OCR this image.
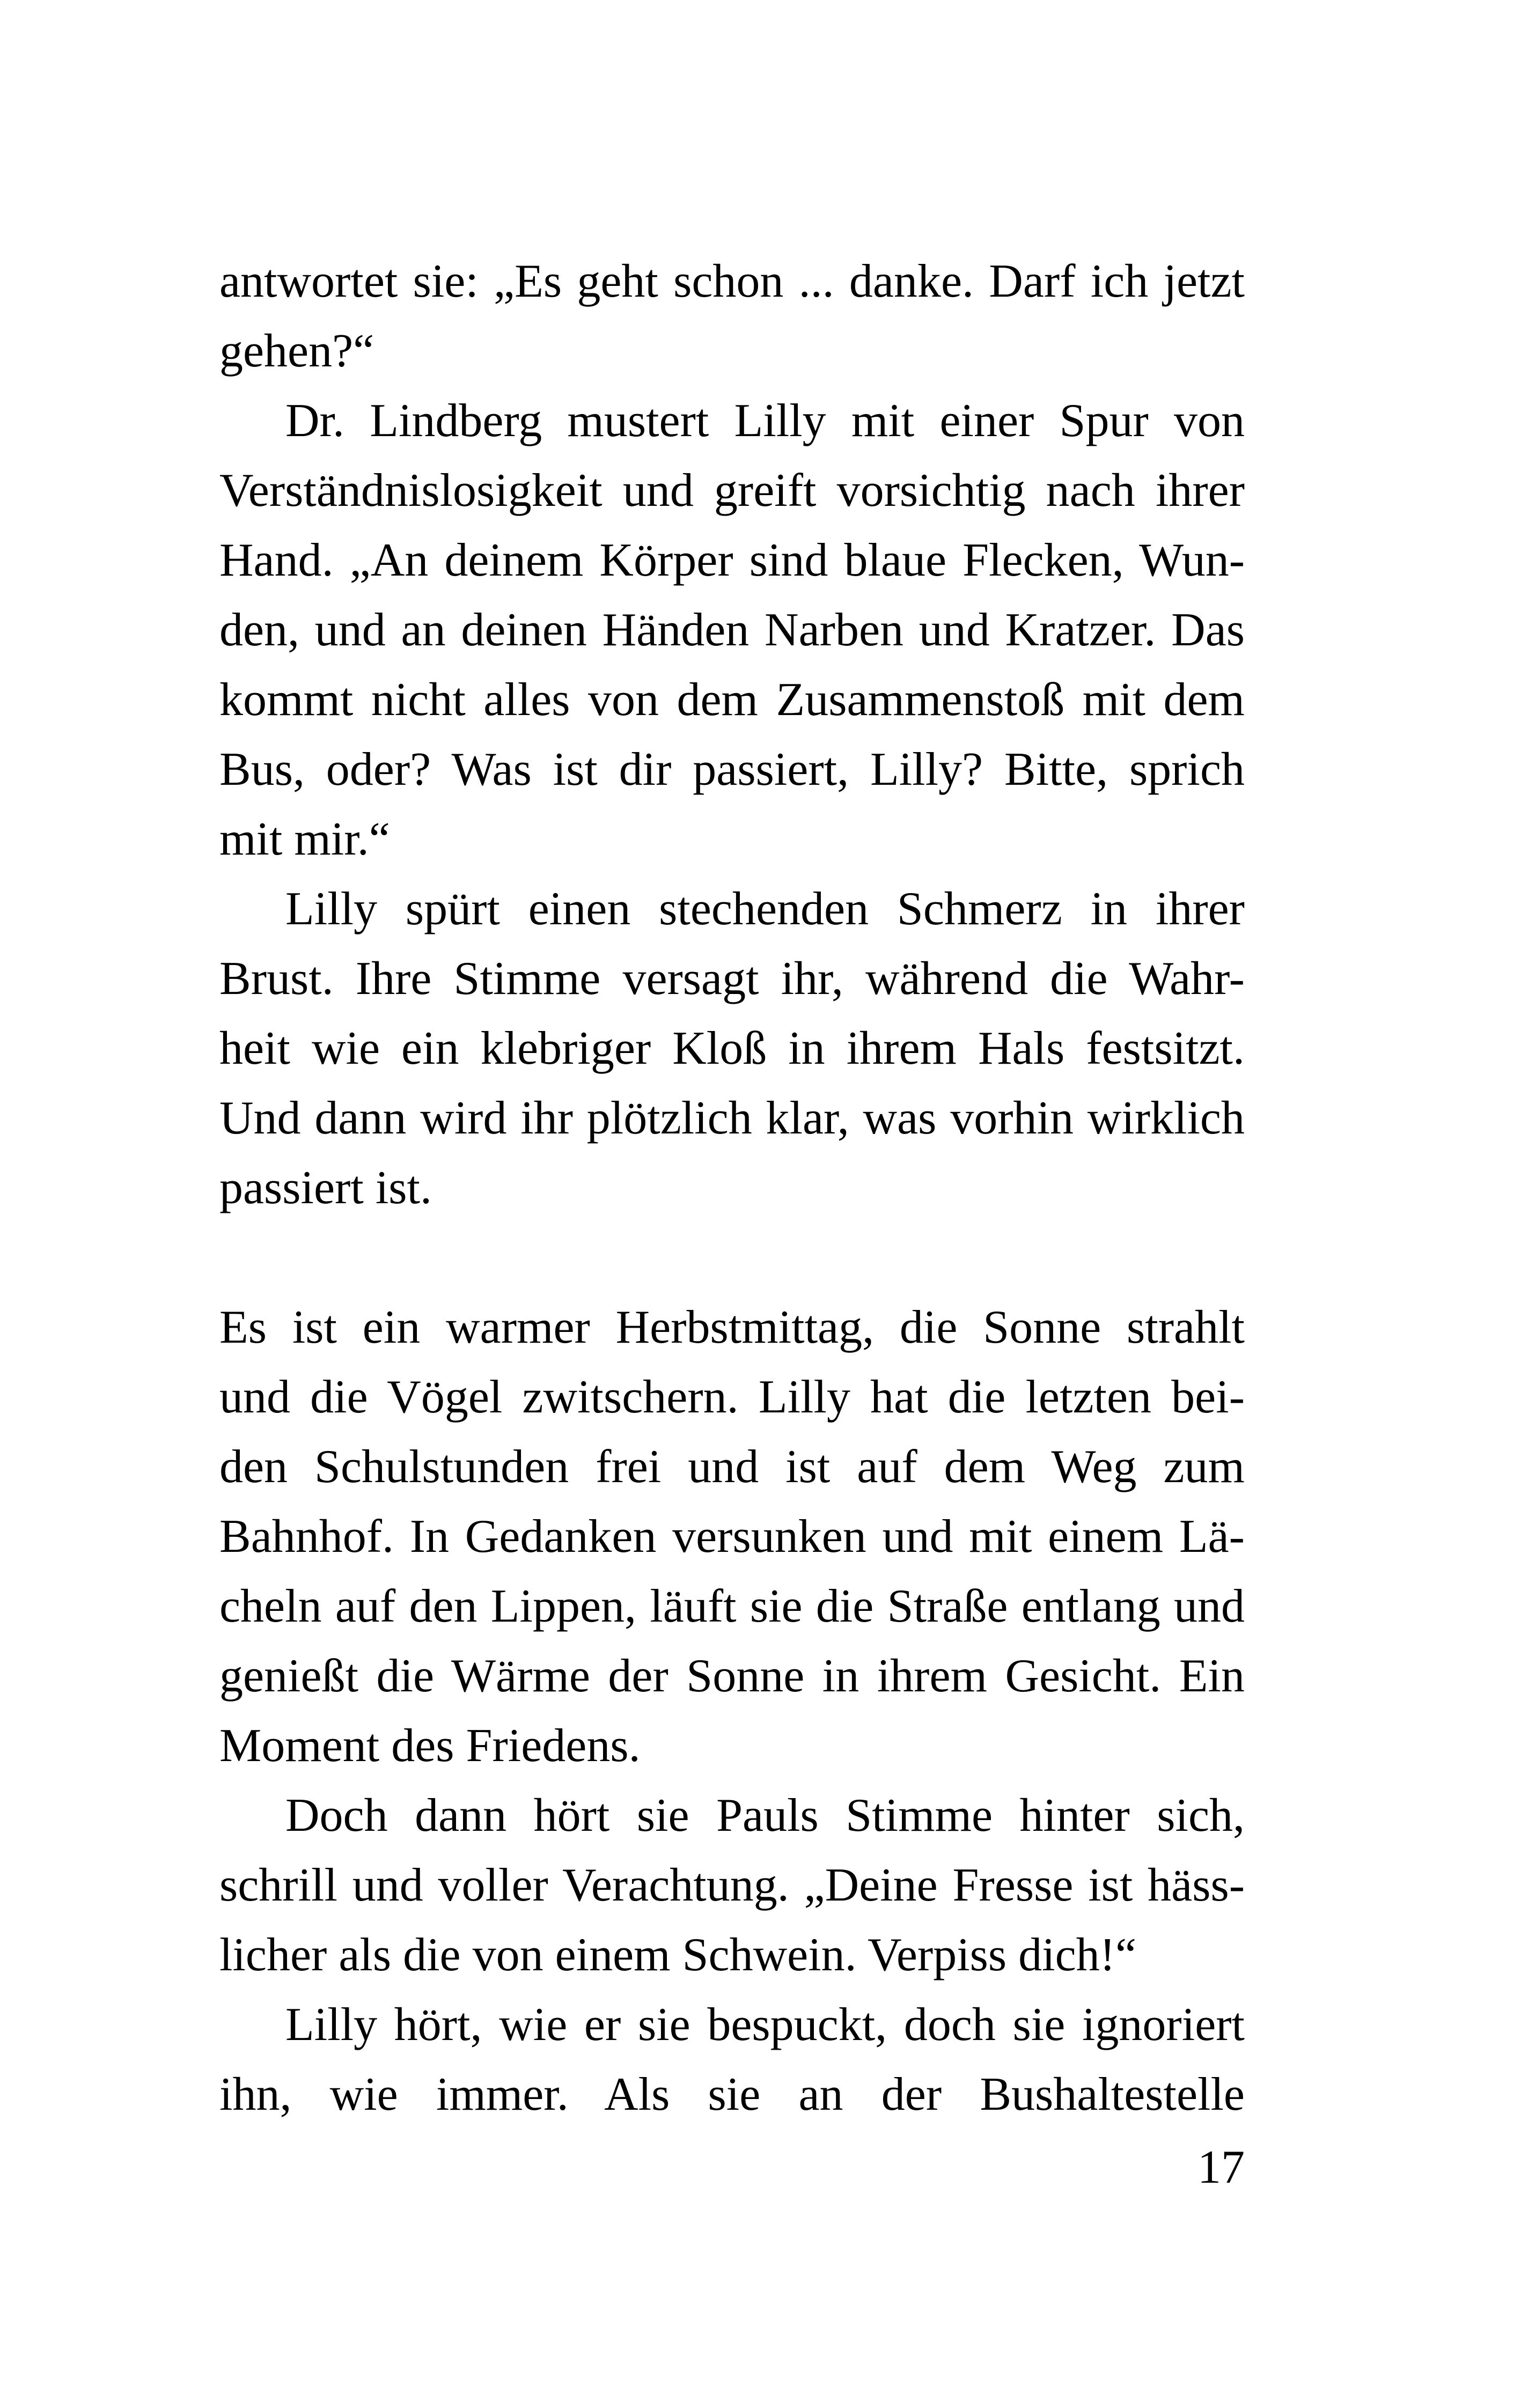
antwortet sie: „Es geht schon ... danke. Darf ich jetzt
gehen?“
Dr. Lindberg mustert Lilly mit einer Spur von
Verständnislosigkeit und greift vorsichtig nach ihrer
Hand. „An deinem Körper sind blaue Flecken, Wun-
den, und an deinen Händen Narben und Kratzer. Das
kommt nicht alles von dem Zusammenstoß mit dem
Bus, oder? Was ist dir passiert, Lilly? Bitte, sprich
mit mir.“
Lilly spürt einen stechenden Schmerz in ihrer
Brust. Ihre Stimme versagt ihr, während die Wahr-
heit wie ein klebriger Kloß in ihrem Hals festsitzt.
Und dann wird ihr plötzlich klar, was vorhin wirklich
passiert ist.
Es ist ein warmer Herbstmittag, die Sonne strahlt
und die Vögel zwitschern. Lilly hat die letzten bei-
den Schulstunden frei und ist auf dem Weg zum
Bahnhof. In Gedanken versunken und mit einem Lä-
cheln auf den Lippen, läuft sie die Straße entlang und
genießt die Wärme der Sonne in ihrem Gesicht. Ein
Moment des Friedens.
Doch dann hört sie Pauls Stimme hinter sich,
schrill und voller Verachtung. „Deine Fresse ist häss-
licher als die von einem Schwein. Verpiss dich!“
Lilly hört, wie er sie bespuckt, doch sie ignoriert
ihn, wie immer. Als sie an der Bushaltestelle
17
